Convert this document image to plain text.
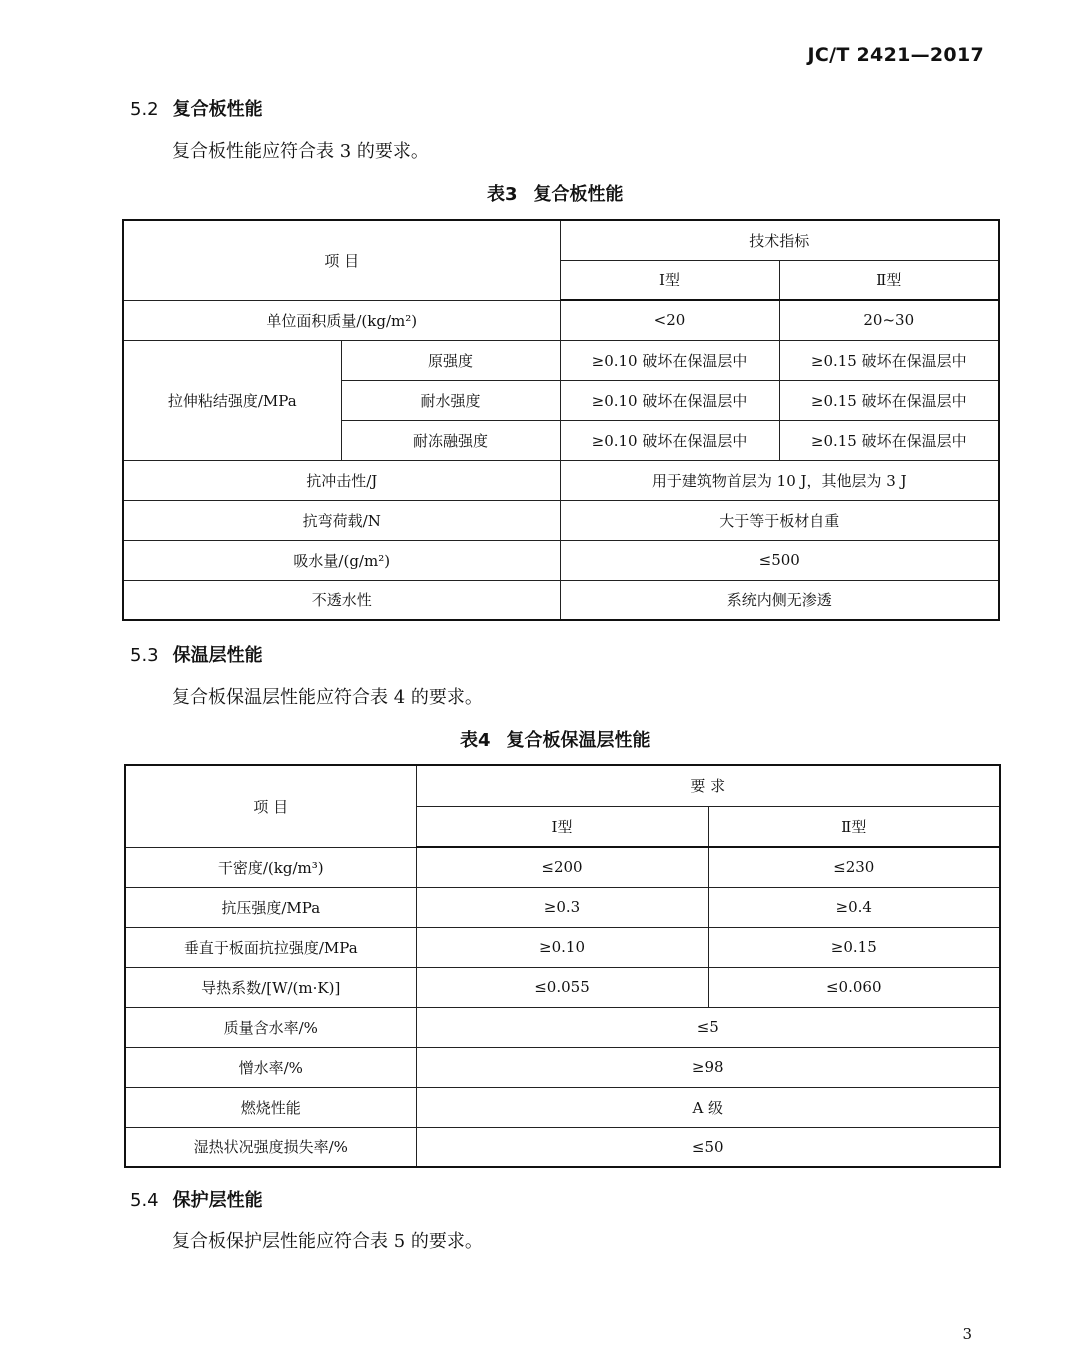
JC/T 2421—2017
5.2 复合板性能
复合板性能应符合表 3 的要求。
表3 复合板性能
项 目		技术指标	
		Ⅰ型	Ⅱ型
单位面积质量/(kg/m²)		<20	20~30
拉伸粘结强度/MPa	原强度	≥0.10 破坏在保温层中	≥0.15 破坏在保温层中
	耐水强度	≥0.10 破坏在保温层中	≥0.15 破坏在保温层中
	耐冻融强度	≥0.10 破坏在保温层中	≥0.15 破坏在保温层中
抗冲击性/J		用于建筑物首层为 10 J，其他层为 3 J	
抗弯荷载/N		大于等于板材自重	
吸水量/(g/m²)		≤500	
不透水性		系统内侧无渗透	
5.3 保温层性能
复合板保温层性能应符合表 4 的要求。
表4 复合板保温层性能
项 目	要 求	
	Ⅰ型	Ⅱ型
干密度/(kg/m³)	≤200	≤230
抗压强度/MPa	≥0.3	≥0.4
垂直于板面抗拉强度/MPa	≥0.10	≥0.15
导热系数/[W/(m·K)]	≤0.055	≤0.060
质量含水率/%	≤5	
憎水率/%	≥98	
燃烧性能	A 级	
湿热状况强度损失率/%	≤50	
5.4 保护层性能
复合板保护层性能应符合表 5 的要求。
3
